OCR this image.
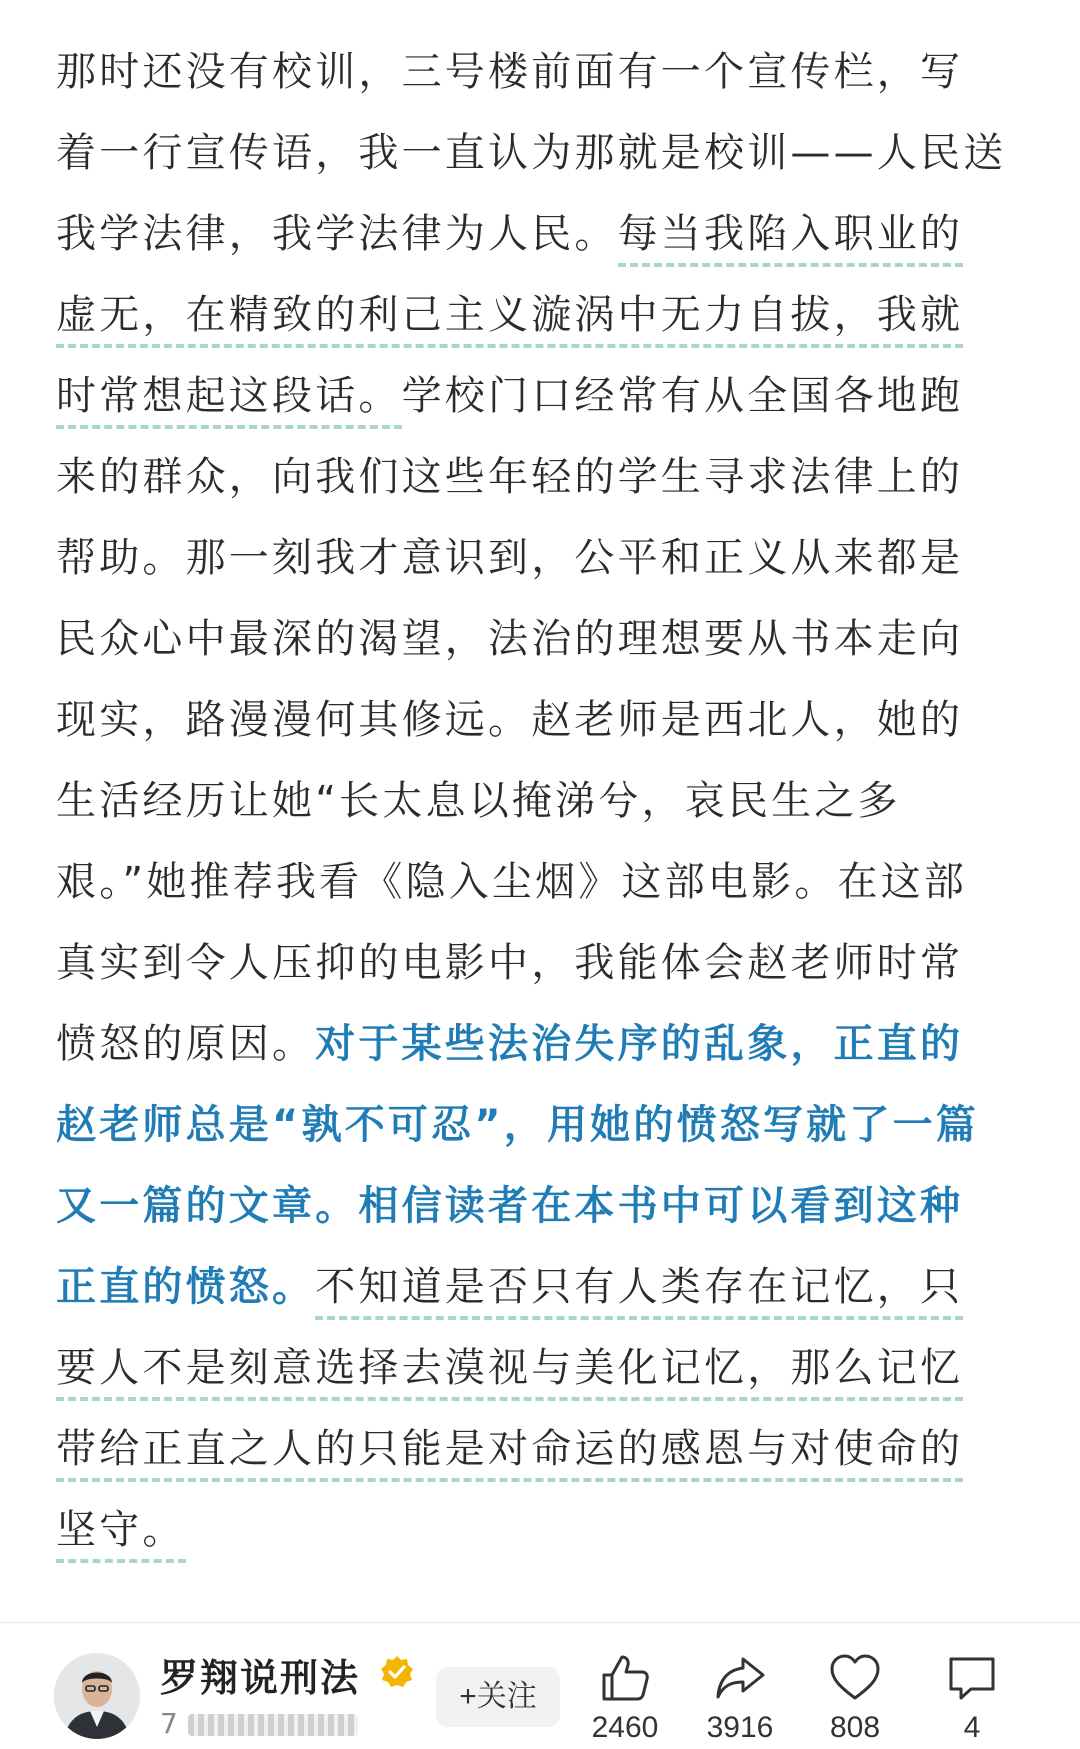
那时还没有校训，三号楼前面有一个宣传栏，写
着一行宣传语，我一直认为那就是校训——人民送
我学法律，我学法律为人民。每当我陷入职业的
虚无，在精致的利己主义漩涡中无力自拔，我就
时常想起这段话。学校门口经常有从全国各地跑
来的群众，向我们这些年轻的学生寻求法律上的
帮助。那一刻我才意识到，公平和正义从来都是
民众心中最深的渴望，法治的理想要从书本走向
现实，路漫漫何其修远。赵老师是西北人，她的
生活经历让她“长太息以掩涕兮，哀民生之多
艰。”她推荐我看《隐入尘烟》这部电影。在这部
真实到令人压抑的电影中，我能体会赵老师时常
愤怒的原因。对于某些法治失序的乱象，正直的
赵老师总是“孰不可忍”，用她的愤怒写就了一篇
又一篇的文章。相信读者在本书中可以看到这种
正直的愤怒。不知道是否只有人类存在记忆，只
要人不是刻意选择去漠视与美化记忆，那么记忆
带给正直之人的只能是对命运的感恩与对使命的
坚守。
罗翔说刑法
7
+关注
2460	3916	808	4
